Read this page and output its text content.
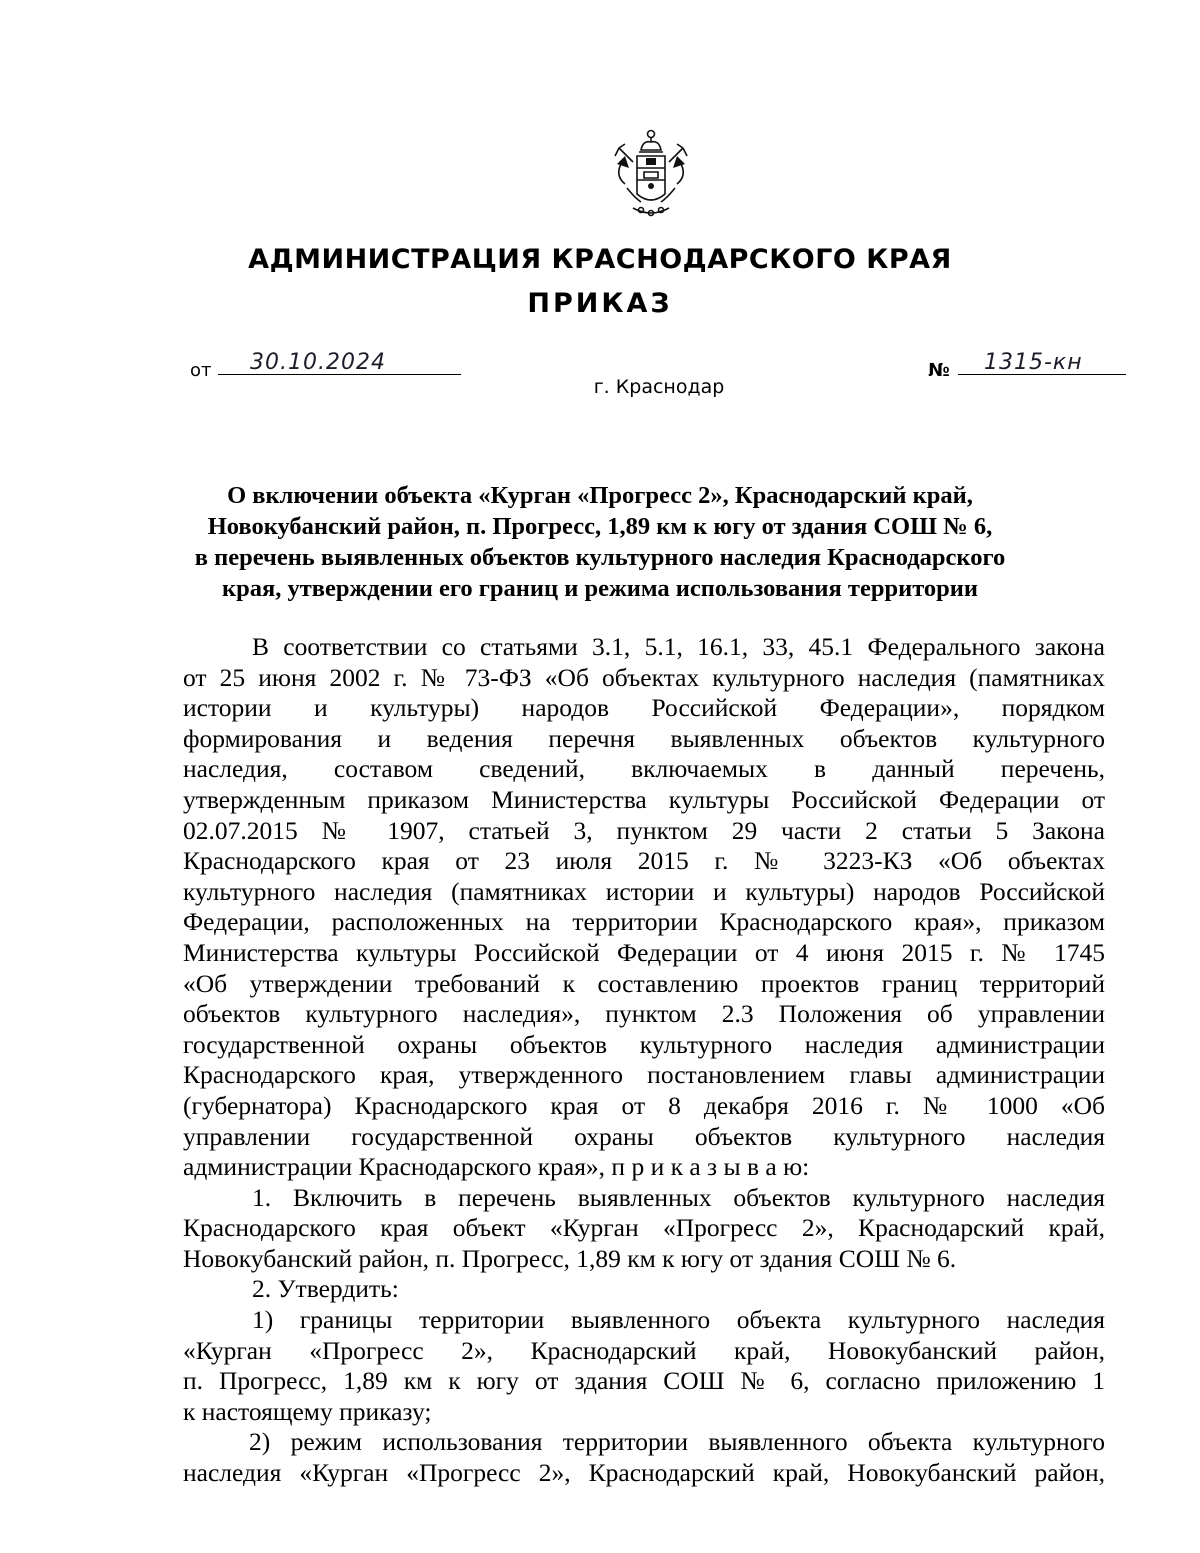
АДМИНИСТРАЦИЯ КРАСНОДАРСКОГО КРАЯ
ПРИКАЗ
от 30.10.2024	№ 1315-кн
г. Краснодар
О включении объекта «Курган «Прогресс 2», Краснодарский край,
Новокубанский район, п. Прогресс, 1,89 км к югу от здания СОШ № 6,
в перечень выявленных объектов культурного наследия Краснодарского
края, утверждении его границ и режима использования территории
В соответствии со статьями 3.1, 5.1, 16.1, 33, 45.1 Федерального закона
от 25 июня 2002 г. № 73-ФЗ «Об объектах культурного наследия (памятниках
истории и культуры) народов Российской Федерации», порядком
формирования и ведения перечня выявленных объектов культурного
наследия, составом сведений, включаемых в данный перечень,
утвержденным приказом Министерства культуры Российской Федерации от
02.07.2015 № 1907, статьей 3, пунктом 29 части 2 статьи 5 Закона
Краснодарского края от 23 июля 2015 г. № 3223-КЗ «Об объектах
культурного наследия (памятниках истории и культуры) народов Российской
Федерации, расположенных на территории Краснодарского края», приказом
Министерства культуры Российской Федерации от 4 июня 2015 г. № 1745
«Об утверждении требований к составлению проектов границ территорий
объектов культурного наследия», пунктом 2.3 Положения об управлении
государственной охраны объектов культурного наследия администрации
Краснодарского края, утвержденного постановлением главы администрации
(губернатора) Краснодарского края от 8 декабря 2016 г. № 1000 «Об
управлении государственной охраны объектов культурного наследия
администрации Краснодарского края», п р и к а з ы в а ю:
1. Включить в перечень выявленных объектов культурного наследия
Краснодарского края объект «Курган «Прогресс 2», Краснодарский край,
Новокубанский район, п. Прогресс, 1,89 км к югу от здания СОШ № 6.
2. Утвердить:
1) границы территории выявленного объекта культурного наследия
«Курган «Прогресс 2», Краснодарский край, Новокубанский район,
п. Прогресс, 1,89 км к югу от здания СОШ № 6, согласно приложению 1
к настоящему приказу;
2) режим использования территории выявленного объекта культурного
наследия «Курган «Прогресс 2», Краснодарский край, Новокубанский район,
